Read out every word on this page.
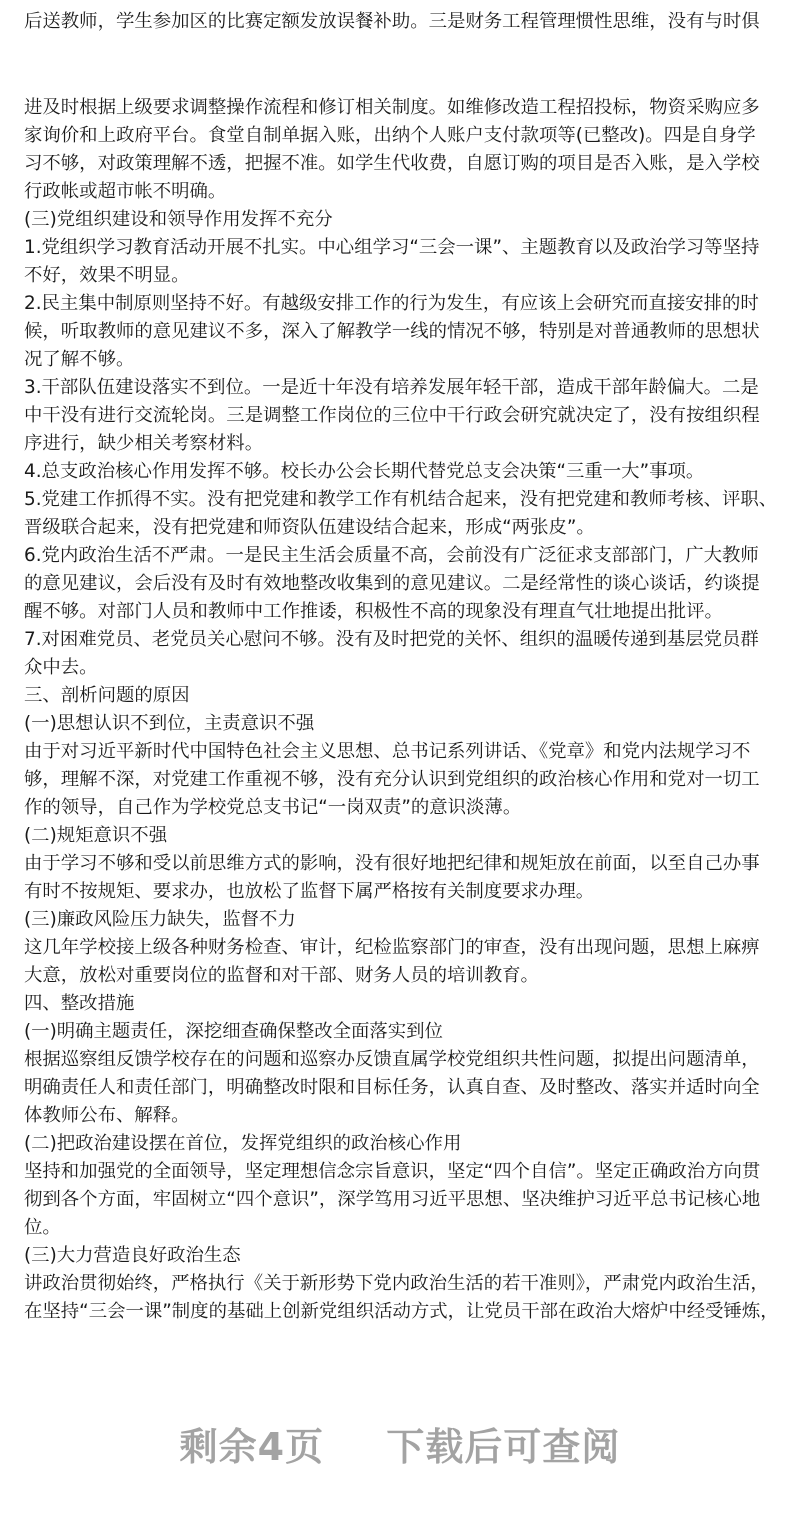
后送教师，学生参加区的比赛定额发放误餐补助。三是财务工程管理惯性思维，没有与时俱
进及时根据上级要求调整操作流程和修订相关制度。如维修改造工程招投标，物资采购应多
家询价和上政府平台。食堂自制单据入账，出纳个人账户支付款项等(已整改)。四是自身学
习不够，对政策理解不透，把握不准。如学生代收费，自愿订购的项目是否入账，是入学校
行政帐或超市帐不明确。
(三)党组织建设和领导作用发挥不充分
1.党组织学习教育活动开展不扎实。中心组学习“三会一课”、主题教育以及政治学习等坚持
不好，效果不明显。
2.民主集中制原则坚持不好。有越级安排工作的行为发生，有应该上会研究而直接安排的时
候，听取教师的意见建议不多，深入了解教学一线的情况不够，特别是对普通教师的思想状
况了解不够。
3.干部队伍建设落实不到位。一是近十年没有培养发展年轻干部，造成干部年龄偏大。二是
中干没有进行交流轮岗。三是调整工作岗位的三位中干行政会研究就决定了，没有按组织程
序进行，缺少相关考察材料。
4.总支政治核心作用发挥不够。校长办公会长期代替党总支会决策“三重一大”事项。
5.党建工作抓得不实。没有把党建和教学工作有机结合起来，没有把党建和教师考核、评职、
晋级联合起来，没有把党建和师资队伍建设结合起来，形成“两张皮”。
6.党内政治生活不严肃。一是民主生活会质量不高，会前没有广泛征求支部部门，广大教师
的意见建议，会后没有及时有效地整改收集到的意见建议。二是经常性的谈心谈话，约谈提
醒不够。对部门人员和教师中工作推诿，积极性不高的现象没有理直气壮地提出批评。
7.对困难党员、老党员关心慰问不够。没有及时把党的关怀、组织的温暖传递到基层党员群
众中去。
三、剖析问题的原因
(一)思想认识不到位，主责意识不强
由于对习近平新时代中国特色社会主义思想、总书记系列讲话、《党章》和党内法规学习不
够，理解不深，对党建工作重视不够，没有充分认识到党组织的政治核心作用和党对一切工
作的领导，自己作为学校党总支书记“一岗双责”的意识淡薄。
(二)规矩意识不强
由于学习不够和受以前思维方式的影响，没有很好地把纪律和规矩放在前面，以至自己办事
有时不按规矩、要求办，也放松了监督下属严格按有关制度要求办理。
(三)廉政风险压力缺失，监督不力
这几年学校接上级各种财务检查、审计，纪检监察部门的审查，没有出现问题，思想上麻痹
大意，放松对重要岗位的监督和对干部、财务人员的培训教育。
四、整改措施
(一)明确主题责任，深挖细查确保整改全面落实到位
根据巡察组反馈学校存在的问题和巡察办反馈直属学校党组织共性问题，拟提出问题清单，
明确责任人和责任部门，明确整改时限和目标任务，认真自查、及时整改、落实并适时向全
体教师公布、解释。
(二)把政治建设摆在首位，发挥党组织的政治核心作用
坚持和加强党的全面领导，坚定理想信念宗旨意识，坚定“四个自信”。坚定正确政治方向贯
彻到各个方面，牢固树立“四个意识”，深学笃用习近平思想、坚决维护习近平总书记核心地
位。
(三)大力营造良好政治生态
讲政治贯彻始终，严格执行《关于新形势下党内政治生活的若干准则》，严肃党内政治生活，
在坚持“三会一课”制度的基础上创新党组织活动方式，让党员干部在政治大熔炉中经受锤炼，
剩余4页 下载后可查阅
